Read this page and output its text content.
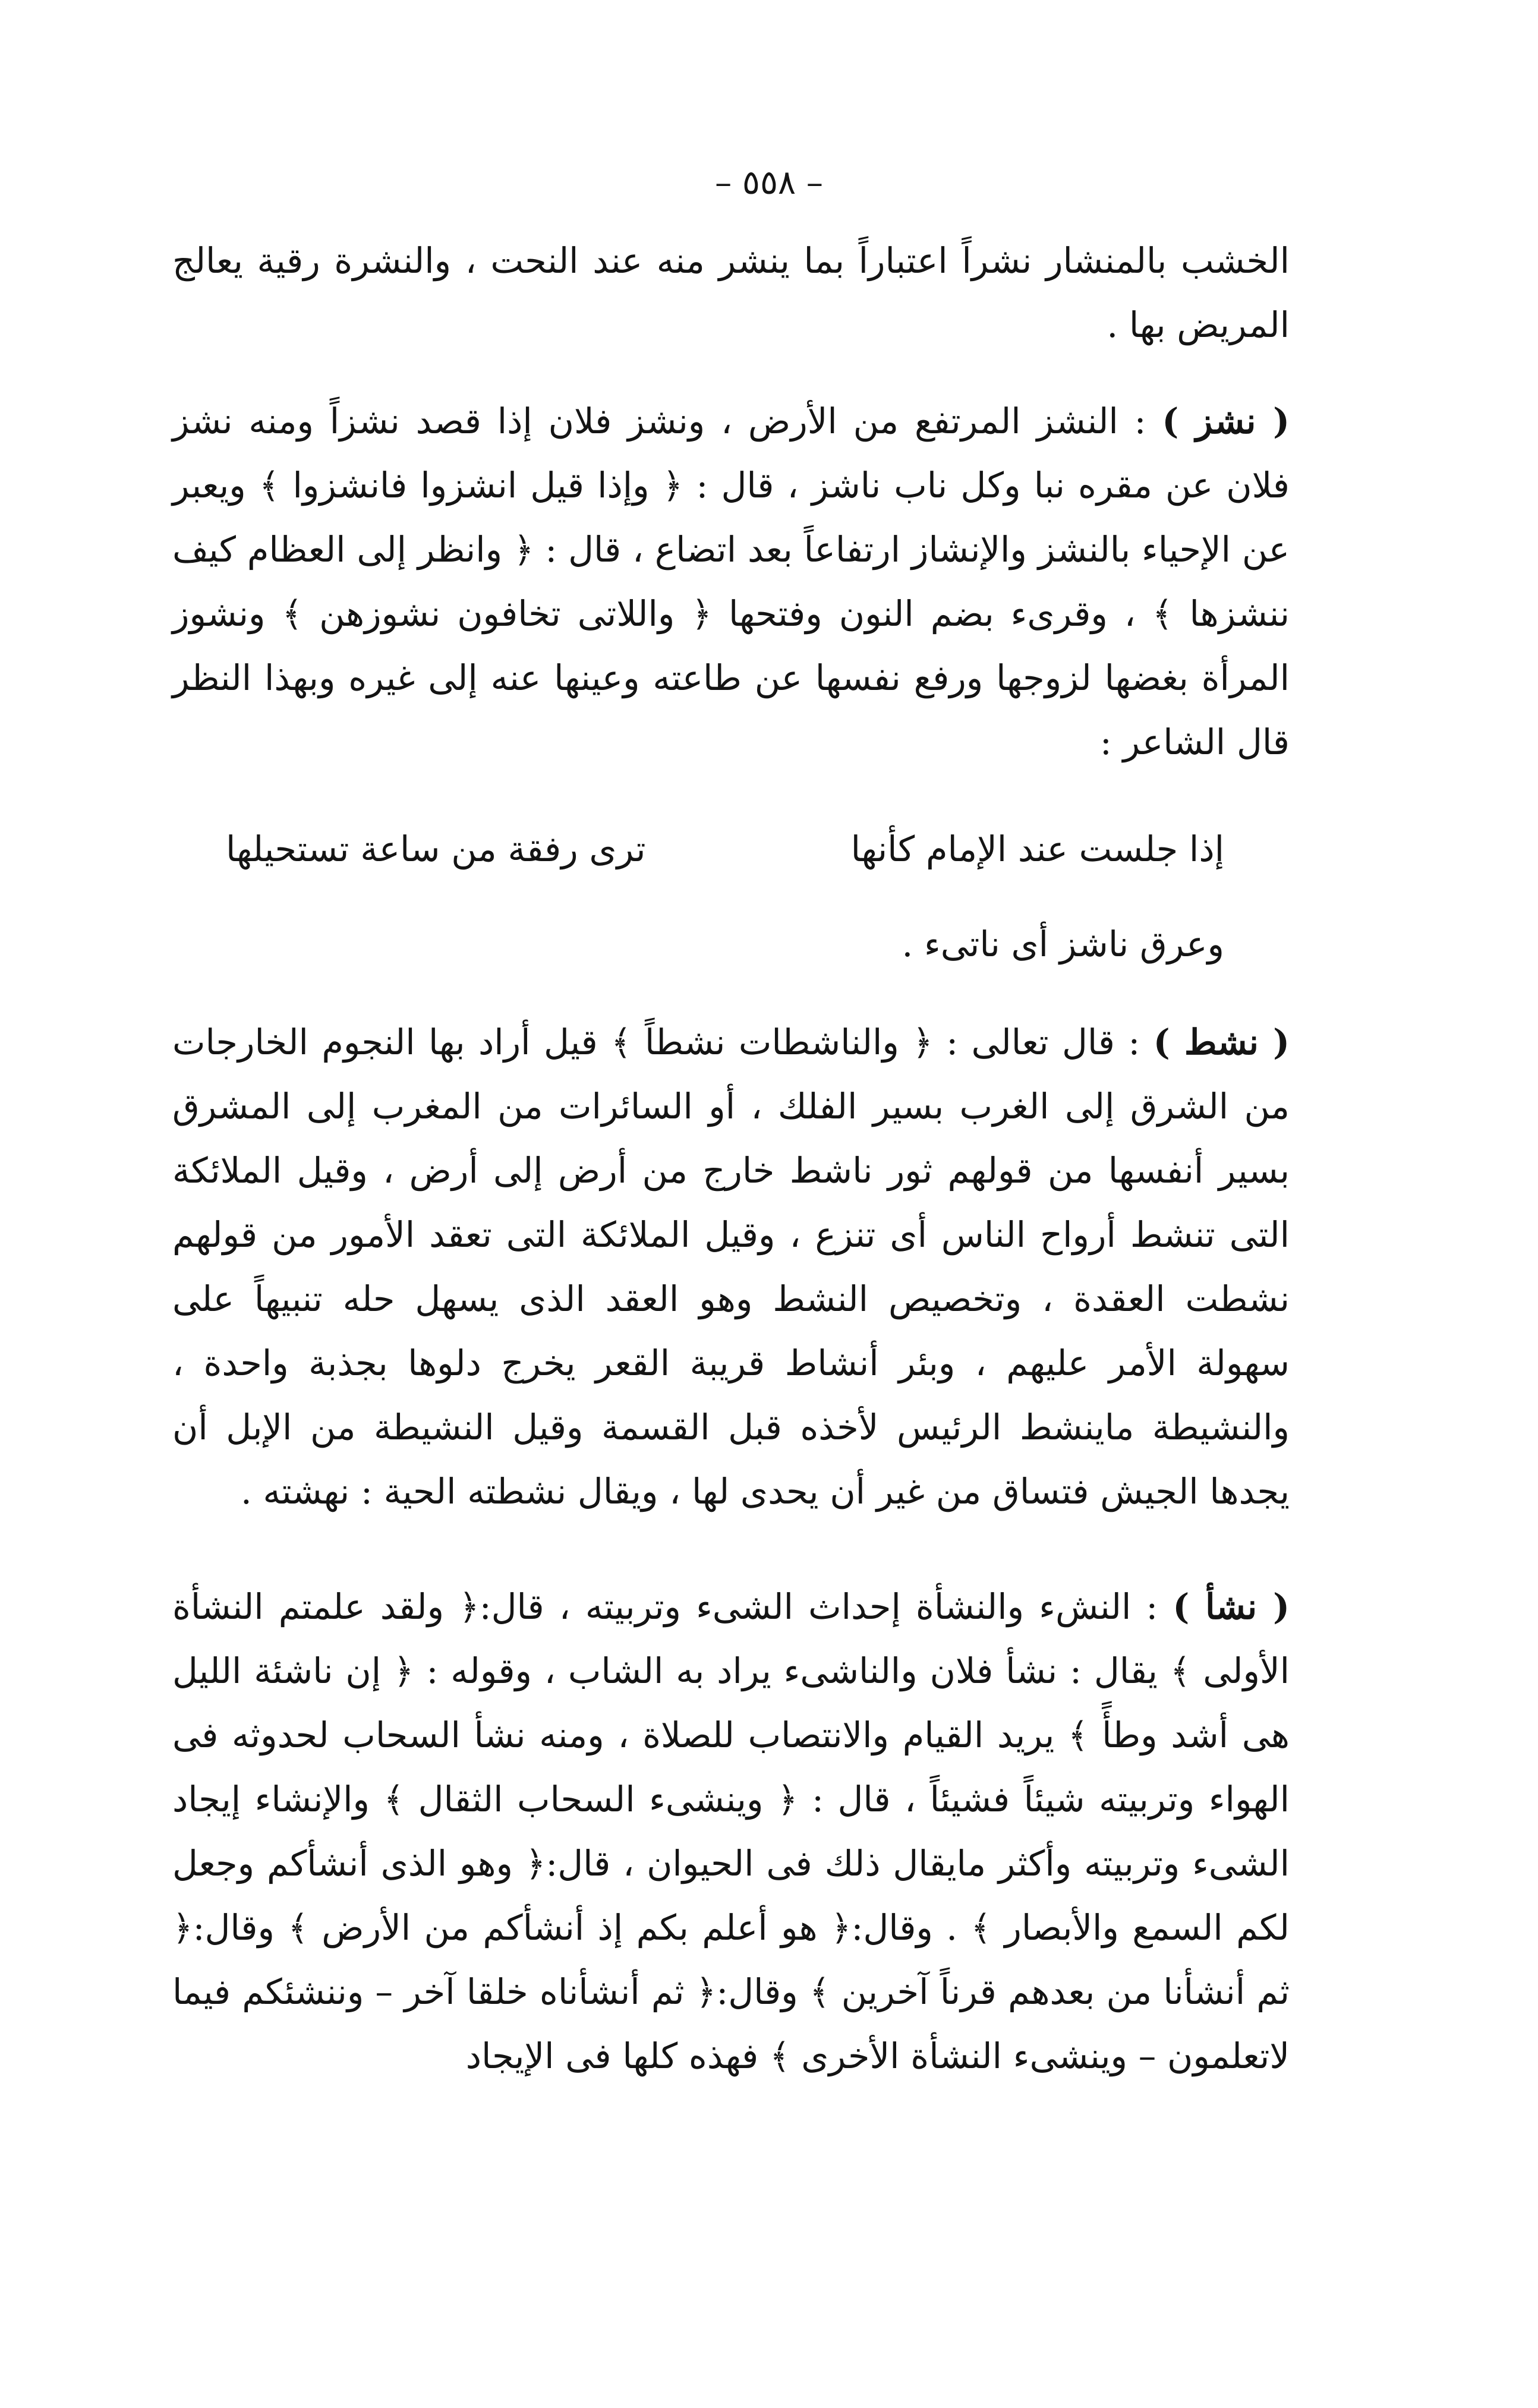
– ٥٥٨ –

الخشب بالمنشار نشراً اعتباراً بما ينشر منه عند النحت ، والنشرة رقية يعالج المريض بها .

( نشز ) : النشز المرتفع من الأرض ، ونشز فلان إذا قصد نشزاً ومنه نشز فلان عن مقره نبا وكل ناب ناشز ، قال : ﴿ وإذا قيل انشزوا فانشزوا ﴾ ويعبر عن الإحياء بالنشز والإنشاز ارتفاعاً بعد اتضاع ، قال : ﴿ وانظر إلى العظام كيف ننشزها ﴾ ، وقرىء بضم النون وفتحها ﴿ واللاتى تخافون نشوزهن ﴾ ونشوز المرأة بغضها لزوجها ورفع نفسها عن طاعته وعينها عنه إلى غيره وبهذا النظر قال الشاعر :

إذا جلست عند الإمام كأنها
ترى رفقة من ساعة تستحيلها
وعرق ناشز أى ناتىء .

( نشط ) : قال تعالى : ﴿ والناشطات نشطاً ﴾ قيل أراد بها النجوم الخارجات من الشرق إلى الغرب بسير الفلك ، أو السائرات من المغرب إلى المشرق بسير أنفسها من قولهم ثور ناشط خارج من أرض إلى أرض ، وقيل الملائكة التى تنشط أرواح الناس أى تنزع ، وقيل الملائكة التى تعقد الأمور من قولهم نشطت العقدة ، وتخصيص النشط وهو العقد الذى يسهل حله تنبيهاً على سهولة الأمر عليهم ، وبئر أنشاط قريبة القعر يخرج دلوها بجذبة واحدة ، والنشيطة ماينشط الرئيس لأخذه قبل القسمة وقيل النشيطة من الإبل أن يجدها الجيش فتساق من غير أن يحدى لها ، ويقال نشطته الحية : نهشته .

( نشأ ) : النشء والنشأة إحداث الشىء وتربيته ، قال:﴿ ولقد علمتم النشأة الأولى ﴾ يقال : نشأ فلان والناشىء يراد به الشاب ، وقوله : ﴿ إن ناشئة الليل هى أشد وطأً ﴾ يريد القيام والانتصاب للصلاة ، ومنه نشأ السحاب لحدوثه فى الهواء وتربيته شيئاً فشيئاً ، قال : ﴿ وينشىء السحاب الثقال ﴾ والإنشاء إيجاد الشىء وتربيته وأكثر مايقال ذلك فى الحيوان ، قال:﴿ وهو الذى أنشأكم وجعل لكم السمع والأبصار ﴾ . وقال:﴿ هو أعلم بكم إذ أنشأكم من الأرض ﴾ وقال:﴿ ثم أنشأنا من بعدهم قرناً آخرين ﴾ وقال:﴿ ثم أنشأناه خلقا آخر – وننشئكم فيما لاتعلمون – وينشىء النشأة الأخرى ﴾ فهذه كلها فى الإيجاد
